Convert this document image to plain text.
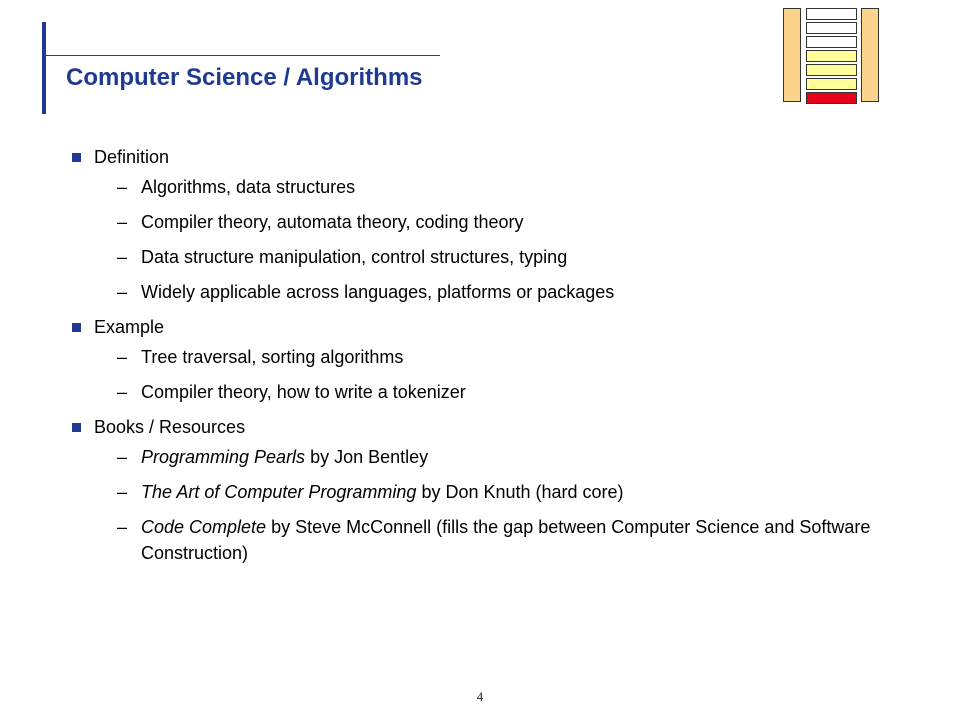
Computer Science / Algorithms
Definition
– Algorithms, data structures
– Compiler theory, automata theory, coding theory
– Data structure manipulation, control structures, typing
– Widely applicable across languages, platforms or packages
Example
– Tree traversal, sorting algorithms
– Compiler theory, how to write a tokenizer
Books / Resources
– Programming Pearls by Jon Bentley
– The Art of Computer Programming by Don Knuth (hard core)
– Code Complete by Steve McConnell (fills the gap between Computer Science and Software Construction)
4
